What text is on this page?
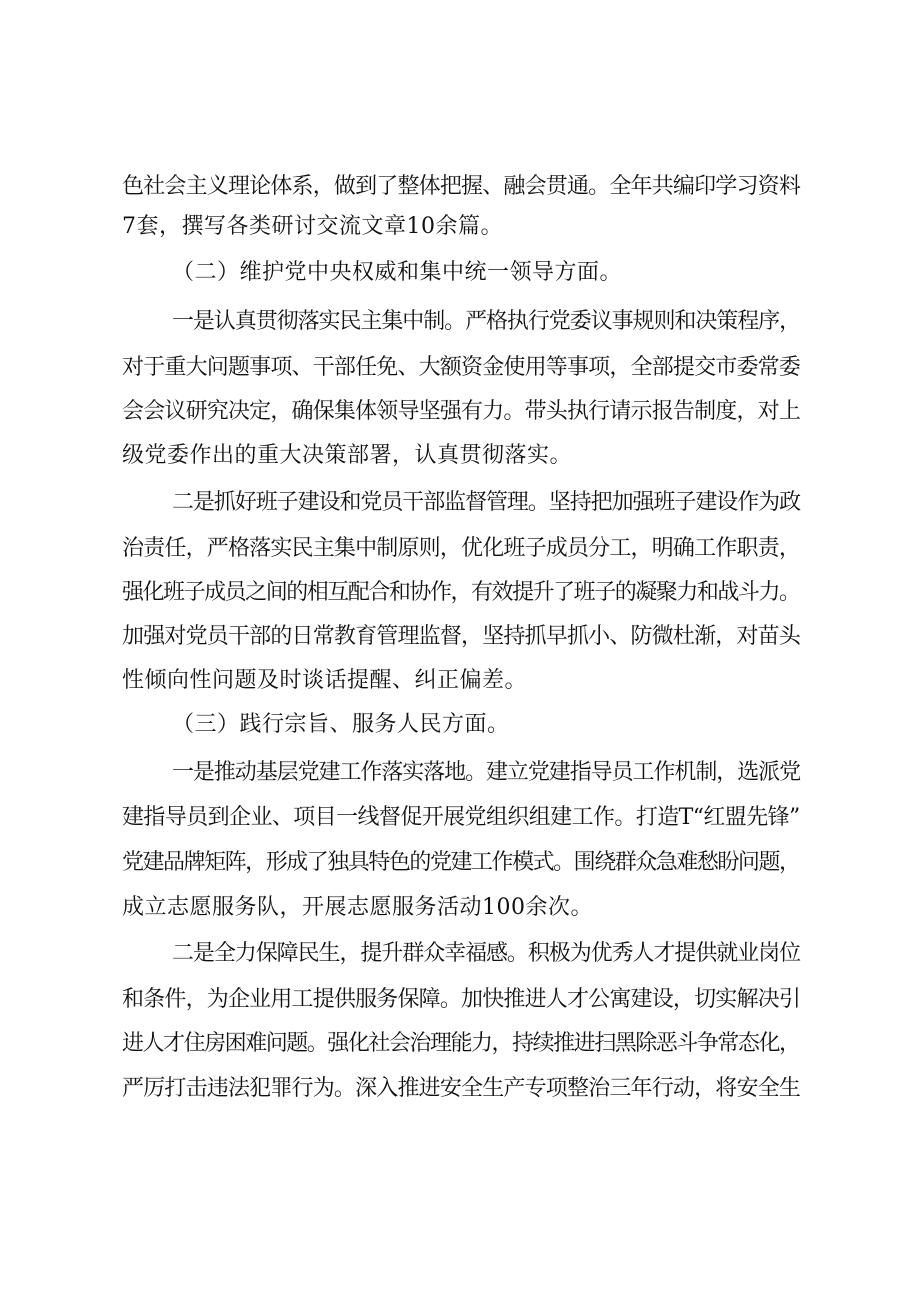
色社会主义理论体系，做到了整体把握、融会贯通。全年共编印学习资料
7套，撰写各类研讨交流文章10余篇。
（二）维护党中央权威和集中统一领导方面。
一是认真贯彻落实民主集中制。严格执行党委议事规则和决策程序，
对于重大问题事项、干部任免、大额资金使用等事项，全部提交市委常委
会会议研究决定，确保集体领导坚强有力。带头执行请示报告制度，对上
级党委作出的重大决策部署，认真贯彻落实。
二是抓好班子建设和党员干部监督管理。坚持把加强班子建设作为政
治责任，严格落实民主集中制原则，优化班子成员分工，明确工作职责，
强化班子成员之间的相互配合和协作，有效提升了班子的凝聚力和战斗力。
加强对党员干部的日常教育管理监督，坚持抓早抓小、防微杜渐，对苗头
性倾向性问题及时谈话提醒、纠正偏差。
（三）践行宗旨、服务人民方面。
一是推动基层党建工作落实落地。建立党建指导员工作机制，选派党
建指导员到企业、项目一线督促开展党组织组建工作。打造T“红盟先锋”
党建品牌矩阵，形成了独具特色的党建工作模式。围绕群众急难愁盼问题，
成立志愿服务队，开展志愿服务活动100余次。
二是全力保障民生，提升群众幸福感。积极为优秀人才提供就业岗位
和条件，为企业用工提供服务保障。加快推进人才公寓建设，切实解决引
进人才住房困难问题。强化社会治理能力，持续推进扫黑除恶斗争常态化，
严厉打击违法犯罪行为。深入推进安全生产专项整治三年行动，将安全生
